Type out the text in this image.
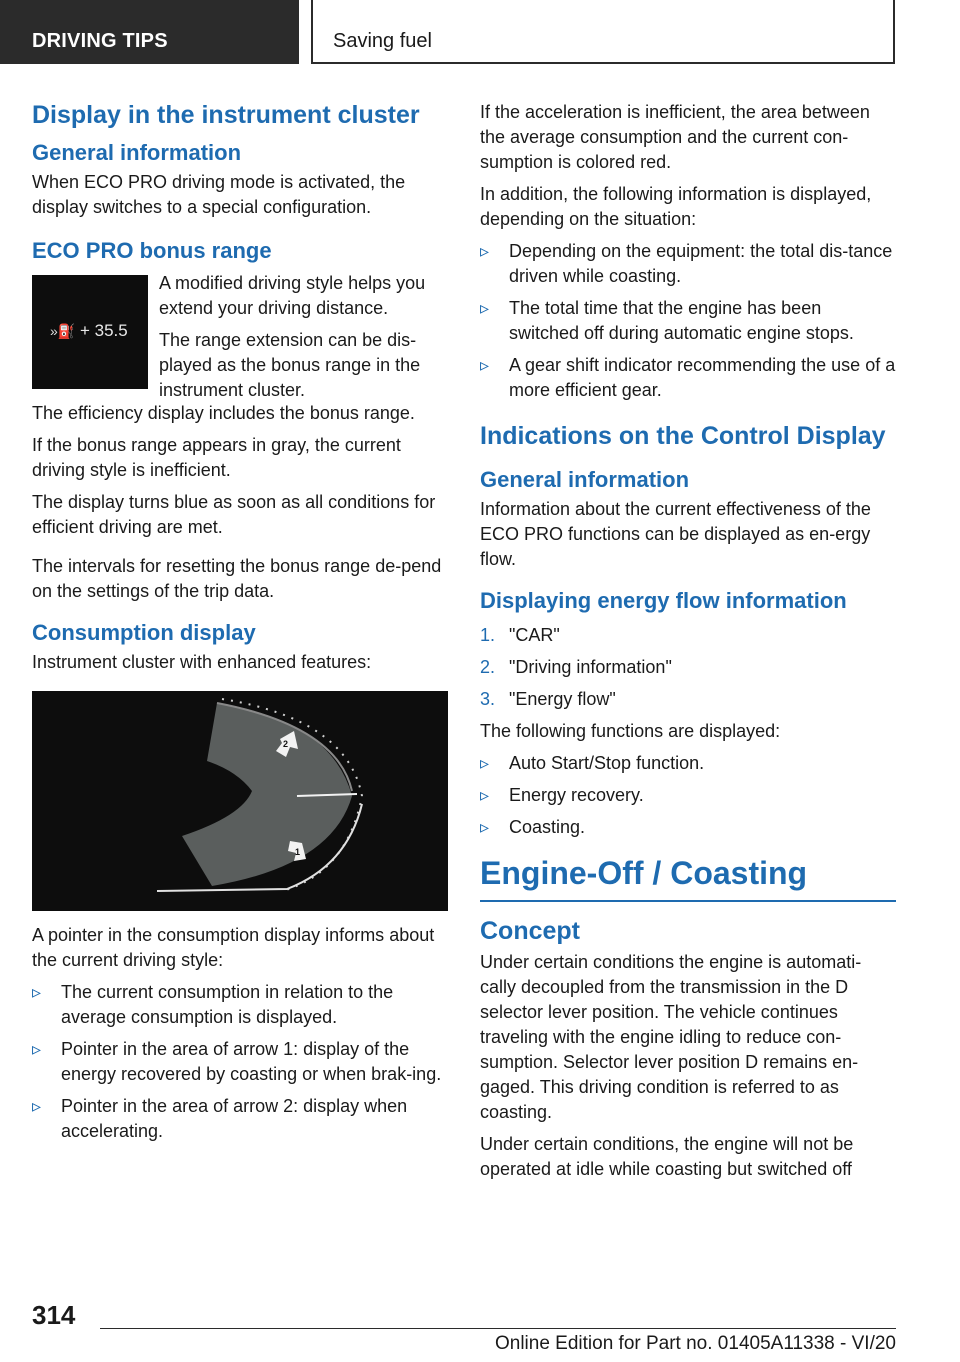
DRIVING TIPS	Saving fuel
Display in the instrument cluster
General information

When ECO PRO driving mode is activated, the display switches to a special configuration.

ECO PRO bonus range
»⛽ + 35.5

A modified driving style helps you extend your driving distance.

The range extension can be dis-played as the bonus range in the instrument cluster.

The efficiency display includes the bonus range.

If the bonus range appears in gray, the current driving style is inefficient.

The display turns blue as soon as all conditions for efficient driving are met.

The intervals for resetting the bonus range de-pend on the settings of the trip data.

Consumption display

Instrument cluster with enhanced features:

2
1

A pointer in the consumption display informs about the current driving style:

▹ The current consumption in relation to the average consumption is displayed.
▹ Pointer in the area of arrow 1: display of the energy recovered by coasting or when brak-ing.
▹ Pointer in the area of arrow 2: display when accelerating.

If the acceleration is inefficient, the area between the average consumption and the current con-sumption is colored red.

In addition, the following information is displayed, depending on the situation:

▹ Depending on the equipment: the total dis-tance driven while coasting.
▹ The total time that the engine has been switched off during automatic engine stops.
▹ A gear shift indicator recommending the use of a more efficient gear.
Indications on the Control Display
General information

Information about the current effectiveness of the ECO PRO functions can be displayed as en-ergy flow.

Displaying energy flow information
1. "CAR"
2. "Driving information"
3. "Energy flow"

The following functions are displayed:

▹ Auto Start/Stop function.
▹ Energy recovery.
▹ Coasting.
Engine-Off / Coasting
Concept

Under certain conditions the engine is automati-cally decoupled from the transmission in the D selector lever position. The vehicle continues traveling with the engine idling to reduce con-sumption. Selector lever position D remains en-gaged. This driving condition is referred to as coasting.

Under certain conditions, the engine will not be operated at idle while coasting but switched off

314
Online Edition for Part no. 01405A11338 - VI/20
